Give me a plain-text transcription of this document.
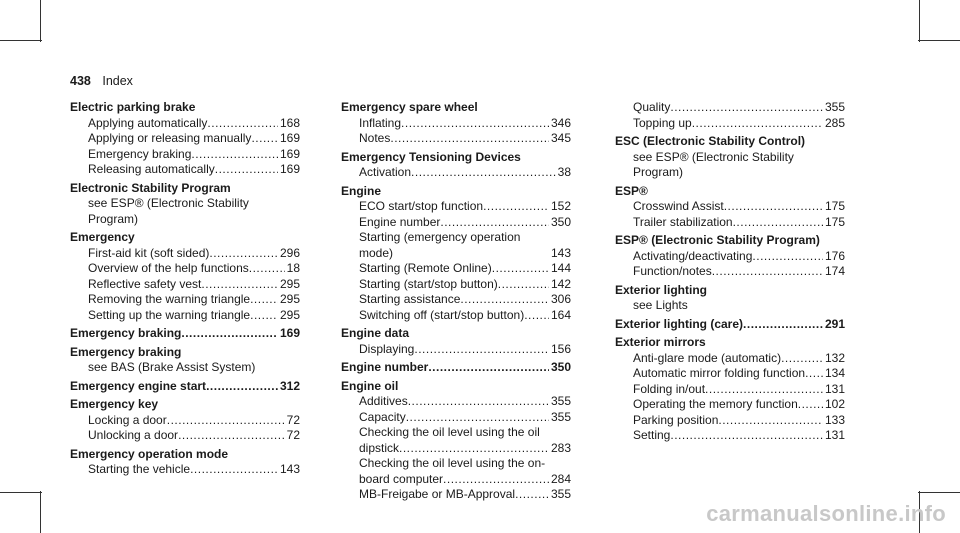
438 Index
Electric parking brake
Applying automatically .....	168
Applying or releasing manually ..... 169
Emergency braking .....	169
Releasing automatically .....	169
Electronic Stability Program
see ESP® (Electronic Stability Program)
Emergency
First-aid kit (soft sided) .....	296
Overview of the help functions .....	18
Reflective safety vest .....	295
Removing the warning triangle ..... 295
Setting up the warning triangle ..... 295
Emergency braking .....	169
Emergency braking
see BAS (Brake Assist System)
Emergency engine start .....	312
Emergency key
Locking a door .....	72
Unlocking a door .....	72
Emergency operation mode
Starting the vehicle .....	143
Emergency spare wheel
Inflating .....	346
Notes .....	345
Emergency Tensioning Devices
Activation .....	38
Engine
ECO start/stop function .....	152
Engine number .....	350
Starting (emergency operation mode)	143
Starting (Remote Online) .....	144
Starting (start/stop button) .....	142
Starting assistance .....	306
Switching off (start/stop button) ..... 164
Engine data
Displaying .....	156
Engine number .....	350
Engine oil
Additives .....	355
Capacity .....	355
Checking the oil level using the oil
dipstick .....	283
Checking the oil level using the on-
board computer .....	284
MB-Freigabe or MB-Approval .....	355
Quality .....	355
Topping up .....	285
ESC (Electronic Stability Control)
see ESP® (Electronic Stability Program)
ESP®
Crosswind Assist .....	175
Trailer stabilization .....	175
ESP® (Electronic Stability Program)
Activating/deactivating .....	176
Function/notes .....	174
Exterior lighting
see Lights
Exterior lighting (care) .....	291
Exterior mirrors
Anti-glare mode (automatic) .....	132
Automatic mirror folding function ..... 134
Folding in/out .....	131
Operating the memory function ..... 102
Parking position .....	133
Setting .....	131
carmanualsonline.info
